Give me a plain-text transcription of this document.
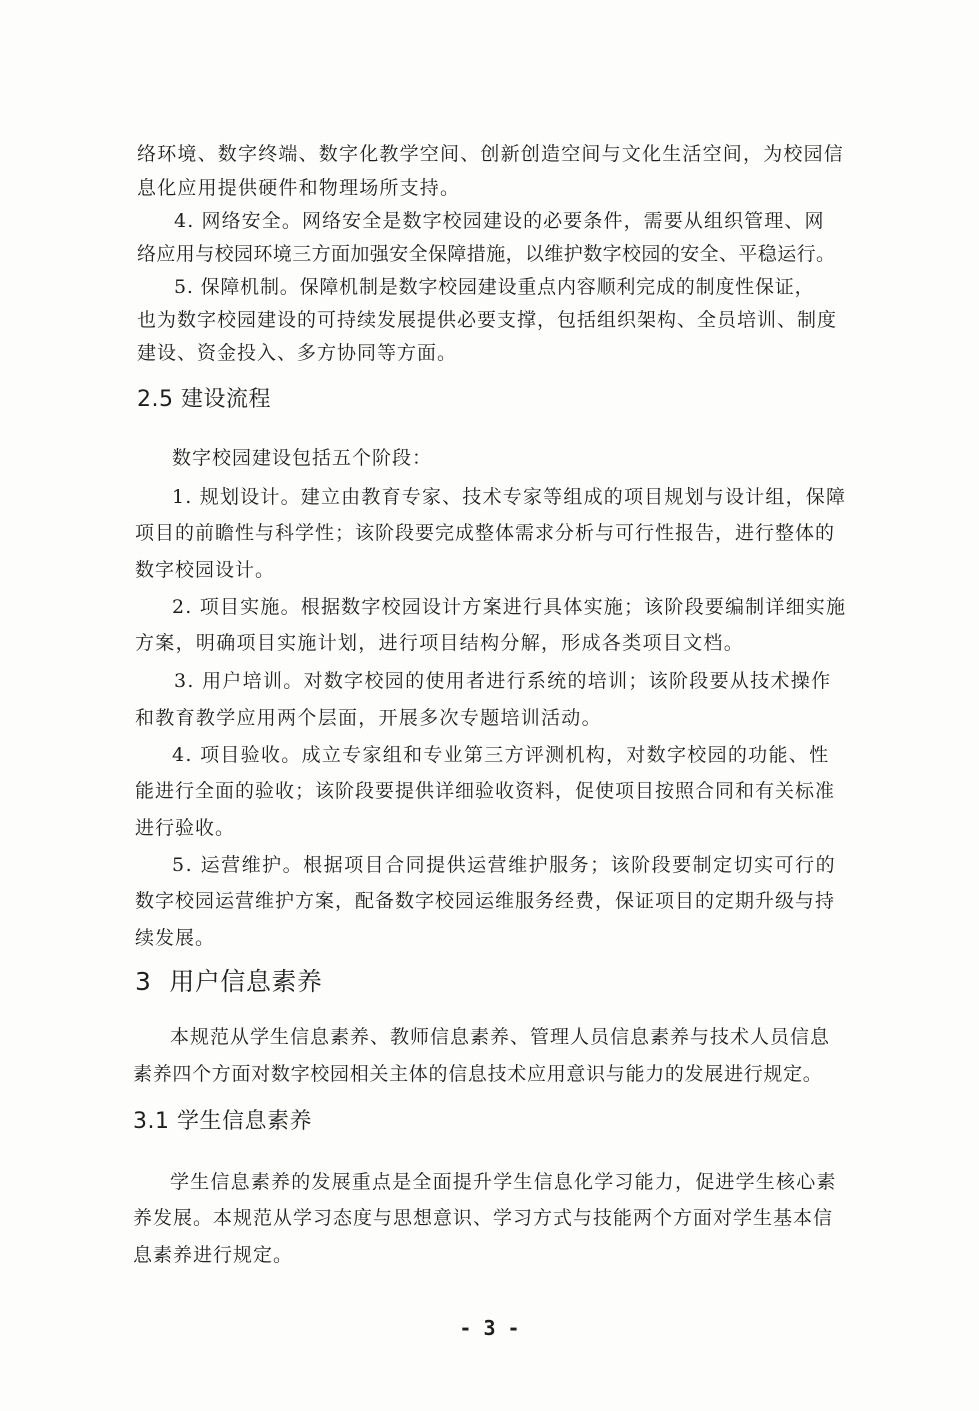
络环境、数字终端、数字化教学空间、创新创造空间与文化生活空间，为校园信
息化应用提供硬件和物理场所支持。
4. 网络安全。网络安全是数字校园建设的必要条件，需要从组织管理、网
络应用与校园环境三方面加强安全保障措施，以维护数字校园的安全、平稳运行。
5. 保障机制。保障机制是数字校园建设重点内容顺利完成的制度性保证，
也为数字校园建设的可持续发展提供必要支撑，包括组织架构、全员培训、制度
建设、资金投入、多方协同等方面。
2.5 建设流程
数字校园建设包括五个阶段：
1. 规划设计。建立由教育专家、技术专家等组成的项目规划与设计组，保障
项目的前瞻性与科学性；该阶段要完成整体需求分析与可行性报告，进行整体的
数字校园设计。
2. 项目实施。根据数字校园设计方案进行具体实施；该阶段要编制详细实施
方案，明确项目实施计划，进行项目结构分解，形成各类项目文档。
3. 用户培训。对数字校园的使用者进行系统的培训；该阶段要从技术操作
和教育教学应用两个层面，开展多次专题培训活动。
4. 项目验收。成立专家组和专业第三方评测机构，对数字校园的功能、性
能进行全面的验收；该阶段要提供详细验收资料，促使项目按照合同和有关标准
进行验收。
5. 运营维护。根据项目合同提供运营维护服务；该阶段要制定切实可行的
数字校园运营维护方案，配备数字校园运维服务经费，保证项目的定期升级与持
续发展。
3 用户信息素养
本规范从学生信息素养、教师信息素养、管理人员信息素养与技术人员信息
素养四个方面对数字校园相关主体的信息技术应用意识与能力的发展进行规定。
3.1 学生信息素养
学生信息素养的发展重点是全面提升学生信息化学习能力，促进学生核心素
养发展。本规范从学习态度与思想意识、学习方式与技能两个方面对学生基本信
息素养进行规定。
- 3 -
